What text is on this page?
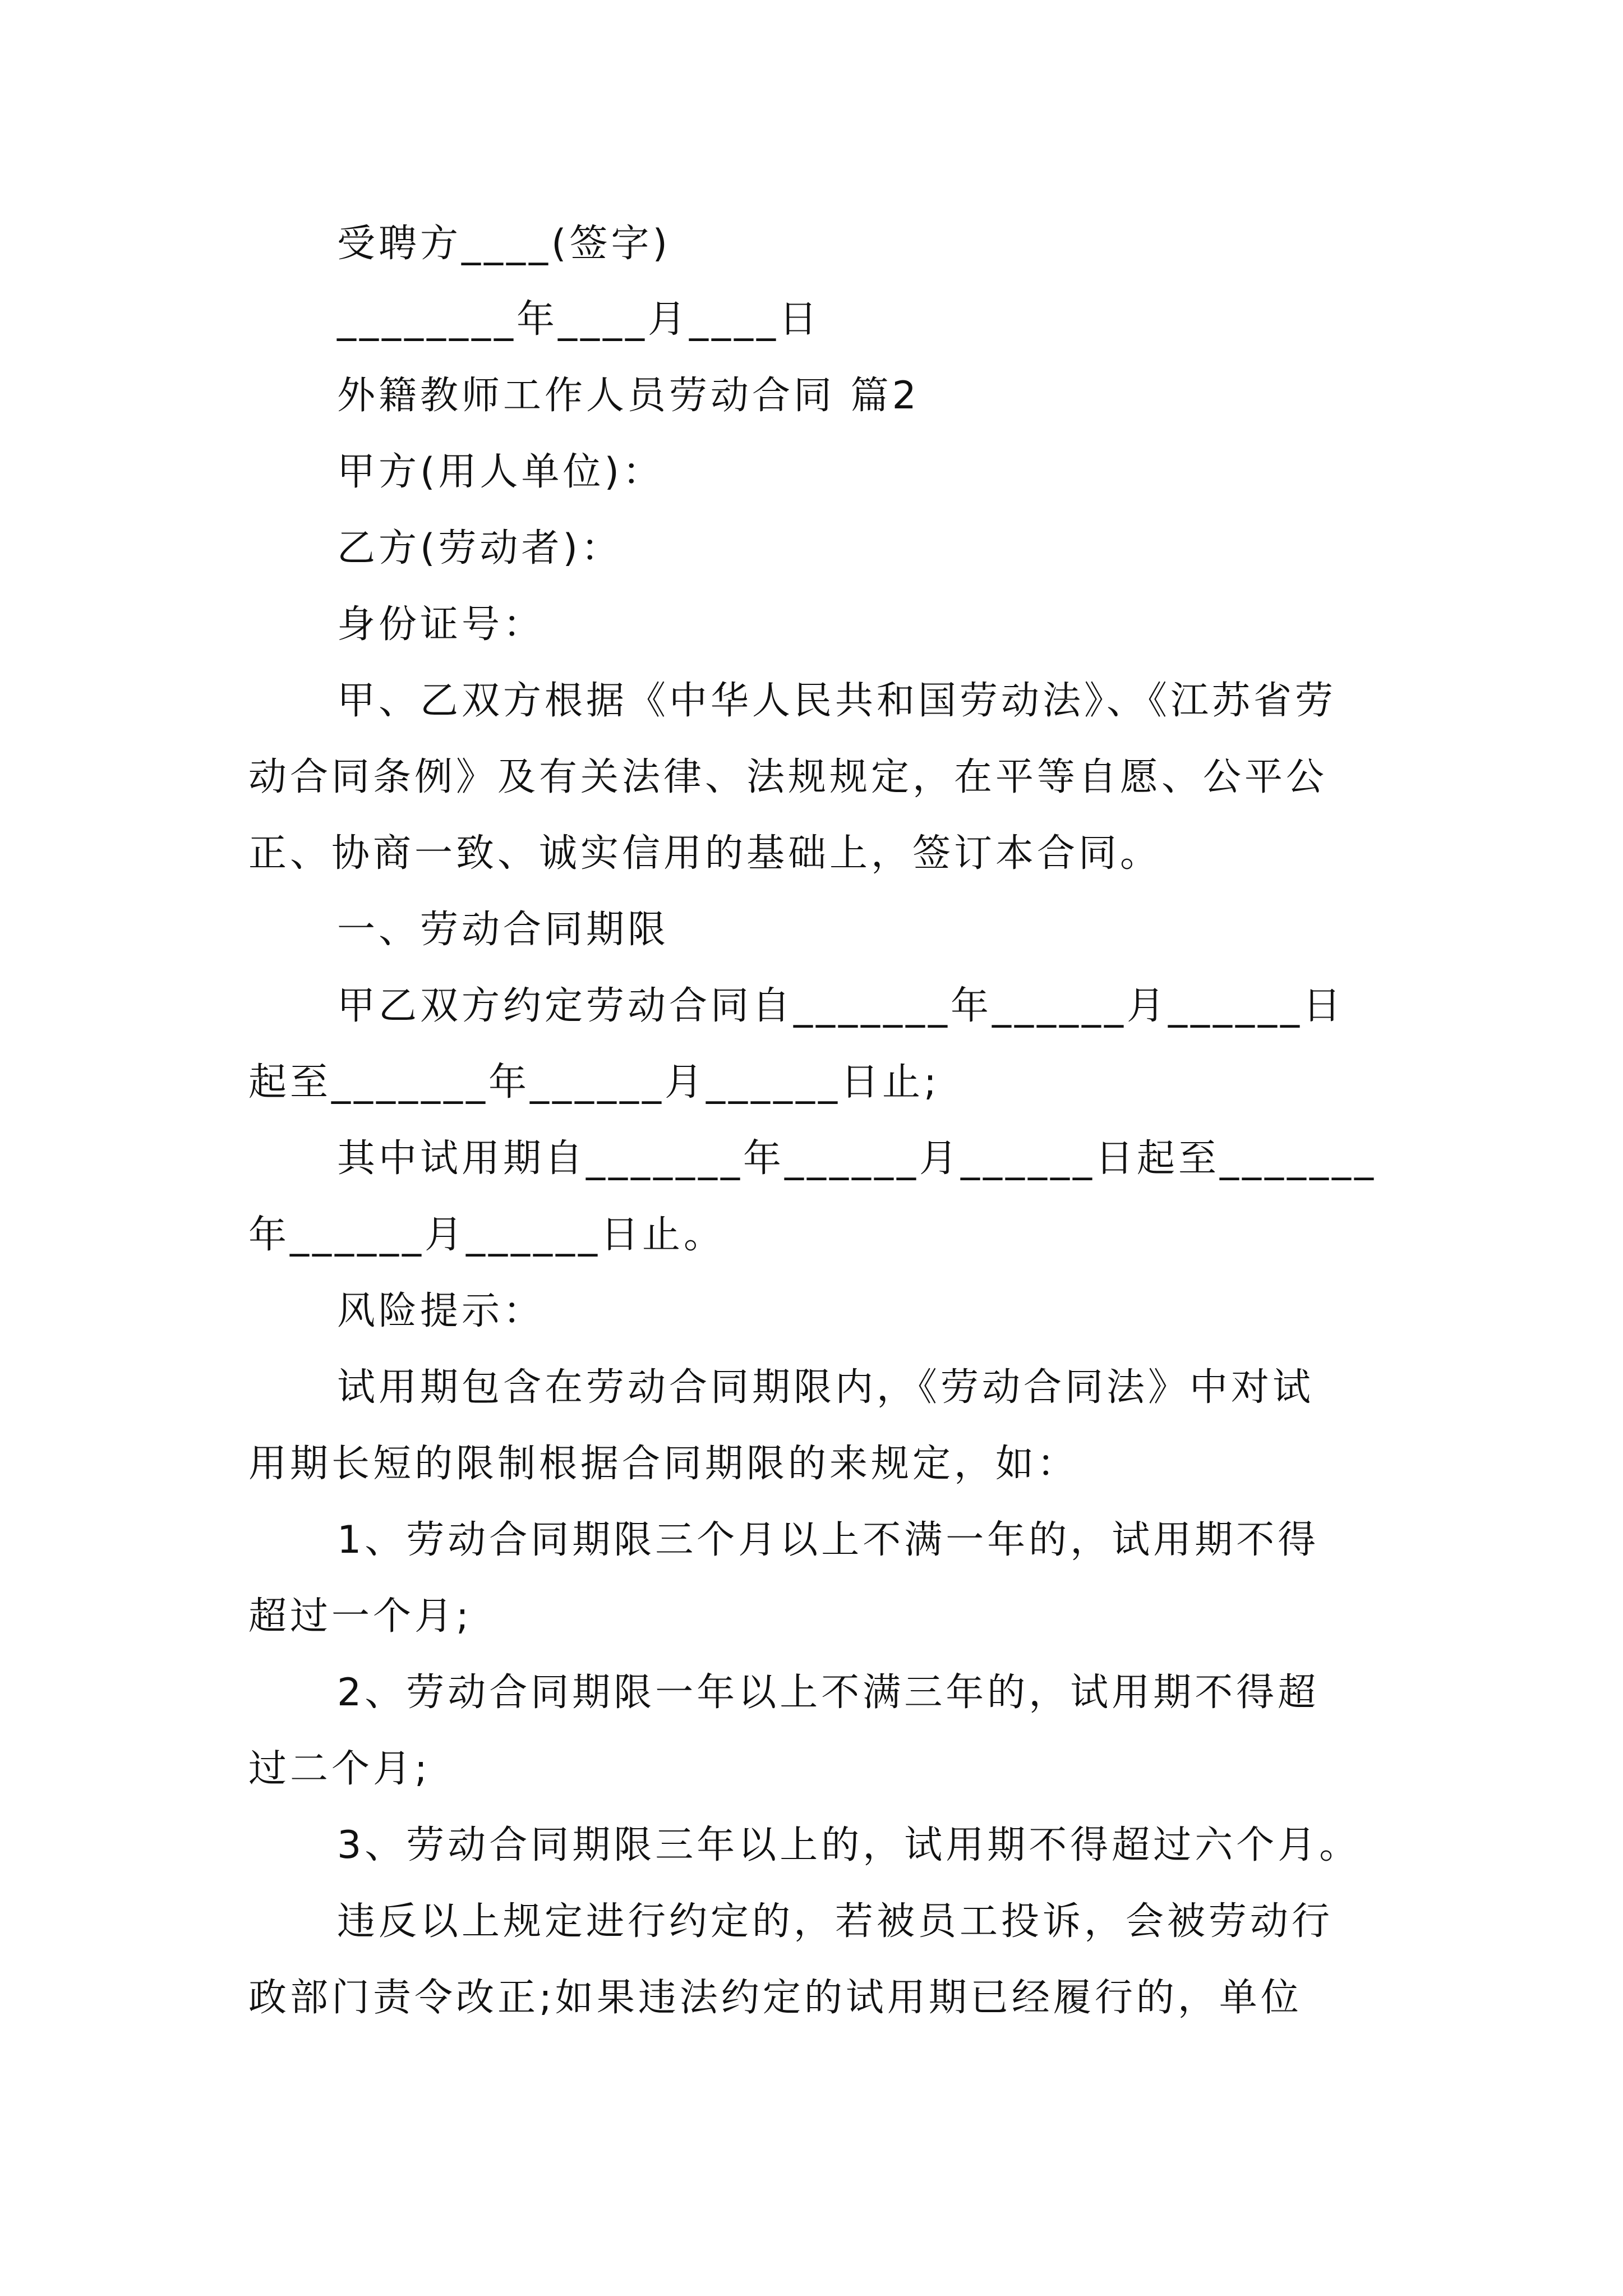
受聘方____(签字)
________年____月____日
外籍教师工作人员劳动合同 篇2
甲方(用人单位)：
乙方(劳动者)：
身份证号：
甲、乙双方根据《中华人民共和国劳动法》、《江苏省劳
动合同条例》及有关法律、法规规定，在平等自愿、公平公
正、协商一致、诚实信用的基础上，签订本合同。
一、劳动合同期限
甲乙双方约定劳动合同自_______年______月______日
起至_______年______月______日止;
其中试用期自_______年______月______日起至_______
年______月______日止。
风险提示：
试用期包含在劳动合同期限内，《劳动合同法》中对试
用期长短的限制根据合同期限的来规定，如：
1、劳动合同期限三个月以上不满一年的，试用期不得
超过一个月;
2、劳动合同期限一年以上不满三年的，试用期不得超
过二个月;
3、劳动合同期限三年以上的，试用期不得超过六个月。
违反以上规定进行约定的，若被员工投诉，会被劳动行
政部门责令改正;如果违法约定的试用期已经履行的，单位
